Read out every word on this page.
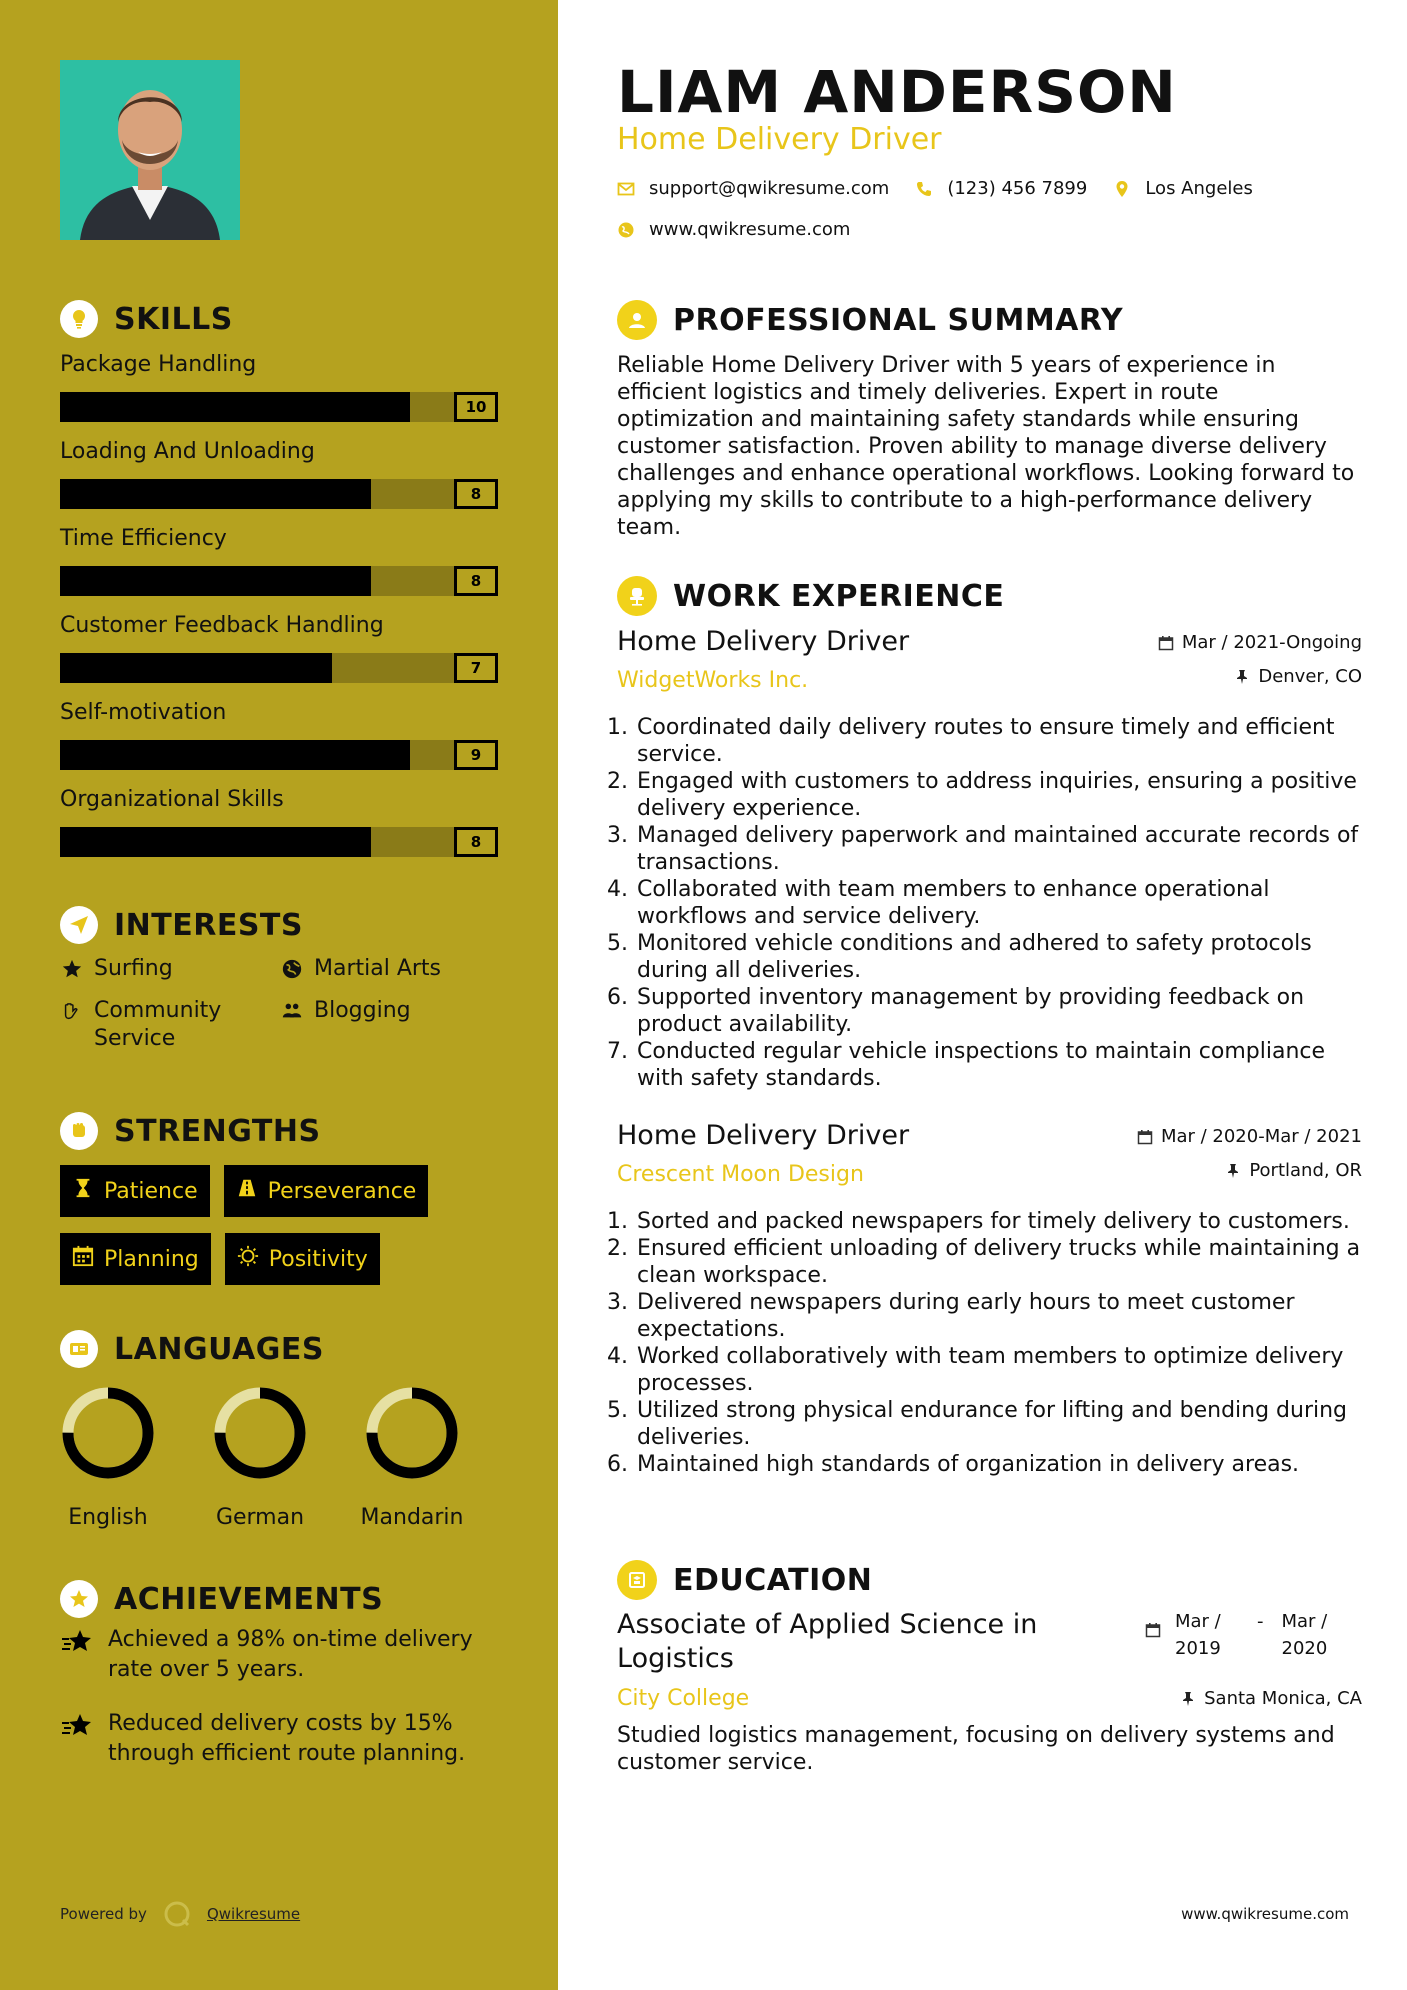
SKILLS
Package Handling
10
Loading And Unloading
8
Time Efficiency
8
Customer Feedback Handling
7
Self-motivation
9
Organizational Skills
8
INTERESTS
Surfing	Martial Arts
Community Service
Blogging
STRENGTHS
Patience	Perseverance
Planning	Positivity
LANGUAGES
English	German	Mandarin
ACHIEVEMENTS
Achieved a 98% on-time delivery rate over 5 years.
Reduced delivery costs by 15% through efficient route planning.
Powered by	Qwikresume
LIAM ANDERSON
Home Delivery Driver
support@qwikresume.com	(123) 456 7899	Los Angeles
www.qwikresume.com
PROFESSIONAL SUMMARY

Reliable Home Delivery Driver with 5 years of experience in efficient logistics and timely deliveries. Expert in route optimization and maintaining safety standards while ensuring customer satisfaction. Proven ability to manage diverse delivery challenges and enhance operational workflows. Looking forward to applying my skills to contribute to a high-performance delivery team.

WORK EXPERIENCE
Home Delivery Driver
WidgetWorks Inc.
Mar / 2021-Ongoing
Denver, CO
1. Coordinated daily delivery routes to ensure timely and efficient service.
2. Engaged with customers to address inquiries, ensuring a positive delivery experience.
3. Managed delivery paperwork and maintained accurate records of transactions.
4. Collaborated with team members to enhance operational workflows and service delivery.
5. Monitored vehicle conditions and adhered to safety protocols during all deliveries.
6. Supported inventory management by providing feedback on product availability.
7. Conducted regular vehicle inspections to maintain compliance with safety standards.
Home Delivery Driver
Crescent Moon Design
Mar / 2020-Mar / 2021
Portland, OR
1. Sorted and packed newspapers for timely delivery to customers.
2. Ensured efficient unloading of delivery trucks while maintaining a clean workspace.
3. Delivered newspapers during early hours to meet customer expectations.
4. Worked collaboratively with team members to optimize delivery processes.
5. Utilized strong physical endurance for lifting and bending during deliveries.
6. Maintained high standards of organization in delivery areas.
EDUCATION
Associate of Applied Science in Logistics
Mar / 2019
- Mar / 2020
City College	Santa Monica, CA

Studied logistics management, focusing on delivery systems and customer service.

www.qwikresume.com
